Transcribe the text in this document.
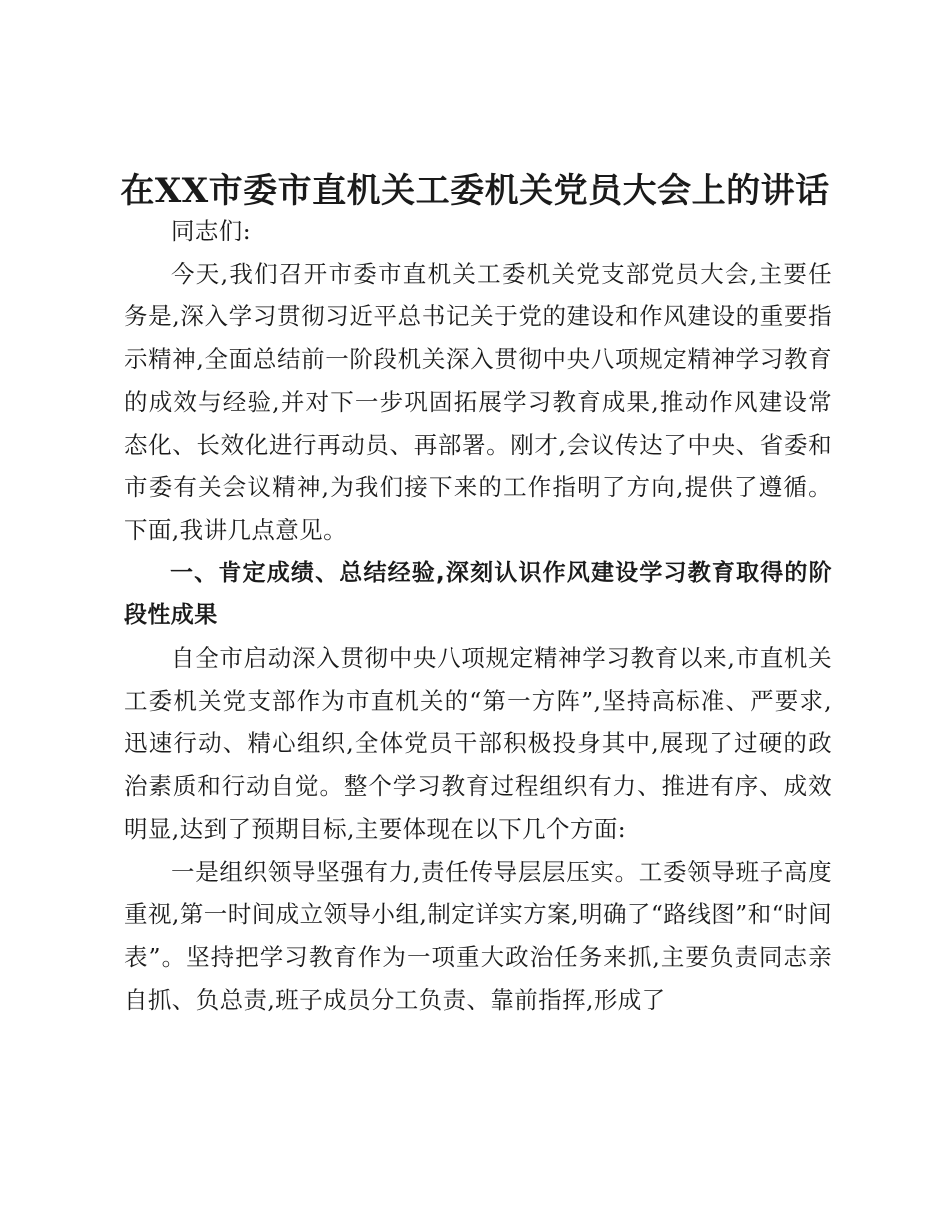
在XX市委市直机关工委机关党员大会上的讲话

同志们:

今天,我们召开市委市直机关工委机关党支部党员大会,主要任务是,深入学习贯彻习近平总书记关于党的建设和作风建设的重要指示精神,全面总结前一阶段机关深入贯彻中央八项规定精神学习教育的成效与经验,并对下一步巩固拓展学习教育成果,推动作风建设常态化、长效化进行再动员、再部署。刚才,会议传达了中央、省委和市委有关会议精神,为我们接下来的工作指明了方向,提供了遵循。下面,我讲几点意见。

一、肯定成绩、总结经验,深刻认识作风建设学习教育取得的阶段性成果

自全市启动深入贯彻中央八项规定精神学习教育以来,市直机关工委机关党支部作为市直机关的“第一方阵”,坚持高标准、严要求,迅速行动、精心组织,全体党员干部积极投身其中,展现了过硬的政治素质和行动自觉。整个学习教育过程组织有力、推进有序、成效明显,达到了预期目标,主要体现在以下几个方面:

一是组织领导坚强有力,责任传导层层压实。工委领导班子高度重视,第一时间成立领导小组,制定详实方案,明确了“路线图”和“时间表”。坚持把学习教育作为一项重大政治任务来抓,主要负责同志亲自抓、负总责,班子成员分工负责、靠前指挥,形成了
